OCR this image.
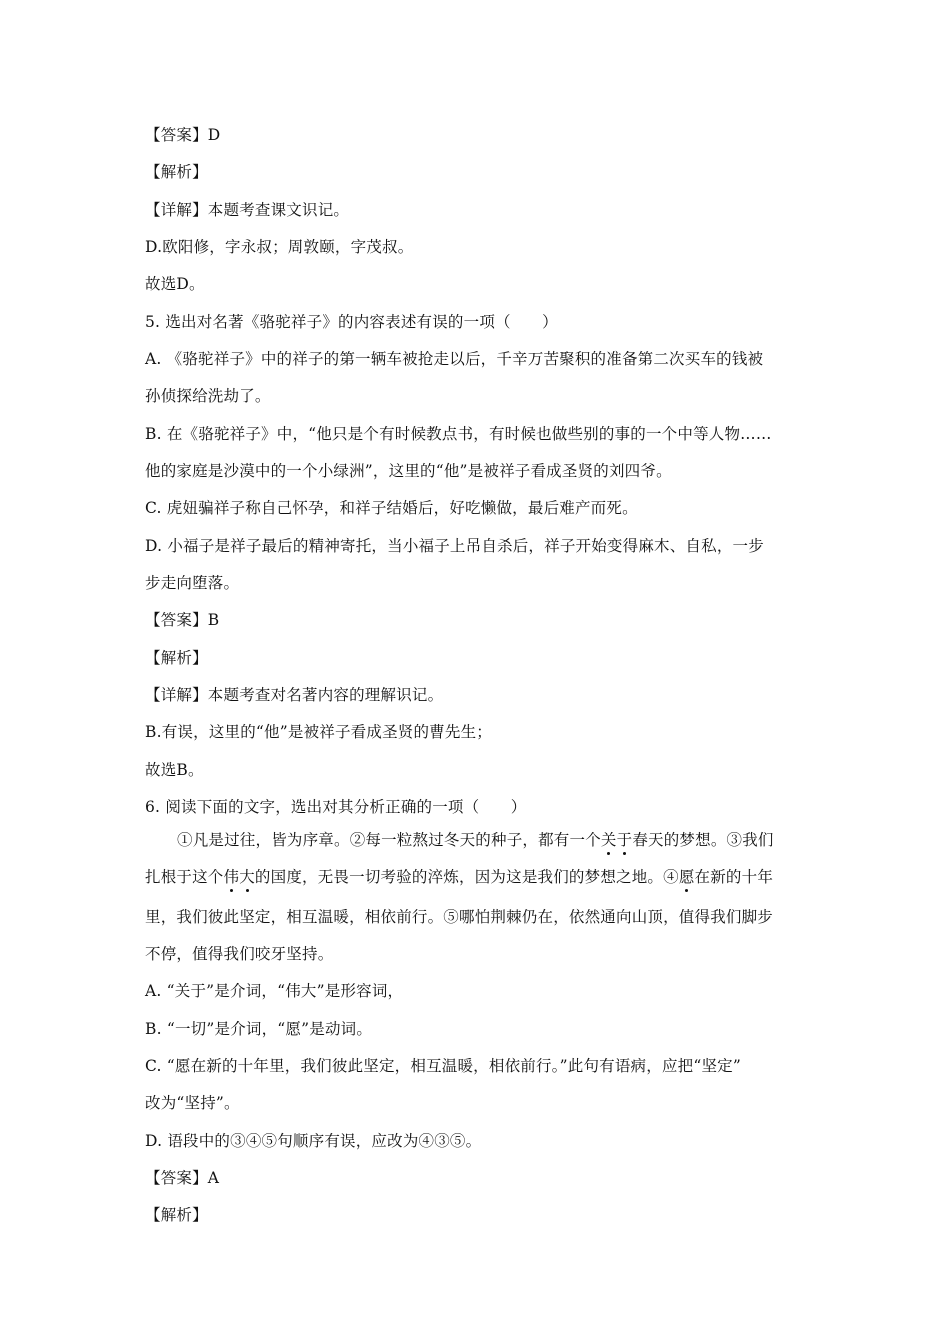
【答案】D
【解析】
【详解】本题考查课文识记。
D.欧阳修，字永叔；周敦颐，字茂叔。
故选D。
5. 选出对名著《骆驼祥子》的内容表述有误的一项（　　）
A. 《骆驼祥子》中的祥子的第一辆车被抢走以后，千辛万苦聚积的准备第二次买车的钱被
孙侦探给洗劫了。
B. 在《骆驼祥子》中，“他只是个有时候教点书，有时候也做些别的事的一个中等人物……
他的家庭是沙漠中的一个小绿洲”，这里的“他”是被祥子看成圣贤的刘四爷。
C. 虎妞骗祥子称自己怀孕，和祥子结婚后，好吃懒做，最后难产而死。
D. 小福子是祥子最后的精神寄托，当小福子上吊自杀后，祥子开始变得麻木、自私，一步
步走向堕落。
【答案】B
【解析】
【详解】本题考查对名著内容的理解识记。
B.有误，这里的“他”是被祥子看成圣贤的曹先生；
故选B。
6. 阅读下面的文字，选出对其分析正确的一项（　　）
①凡是过往，皆为序章。②每一粒熬过冬天的种子，都有一个关于春天的梦想。③我们
扎根于这个伟大的国度，无畏一切考验的淬炼，因为这是我们的梦想之地。④愿在新的十年
里，我们彼此坚定，相互温暖，相依前行。⑤哪怕荆棘仍在，依然通向山顶，值得我们脚步
不停，值得我们咬牙坚持。
A. “关于”是介词，“伟大”是形容词，
B. “一切”是介词，“愿”是动词。
C. “愿在新的十年里，我们彼此坚定，相互温暖，相依前行。”此句有语病，应把“坚定”
改为“坚持”。
D. 语段中的③④⑤句顺序有误，应改为④③⑤。
【答案】A
【解析】
